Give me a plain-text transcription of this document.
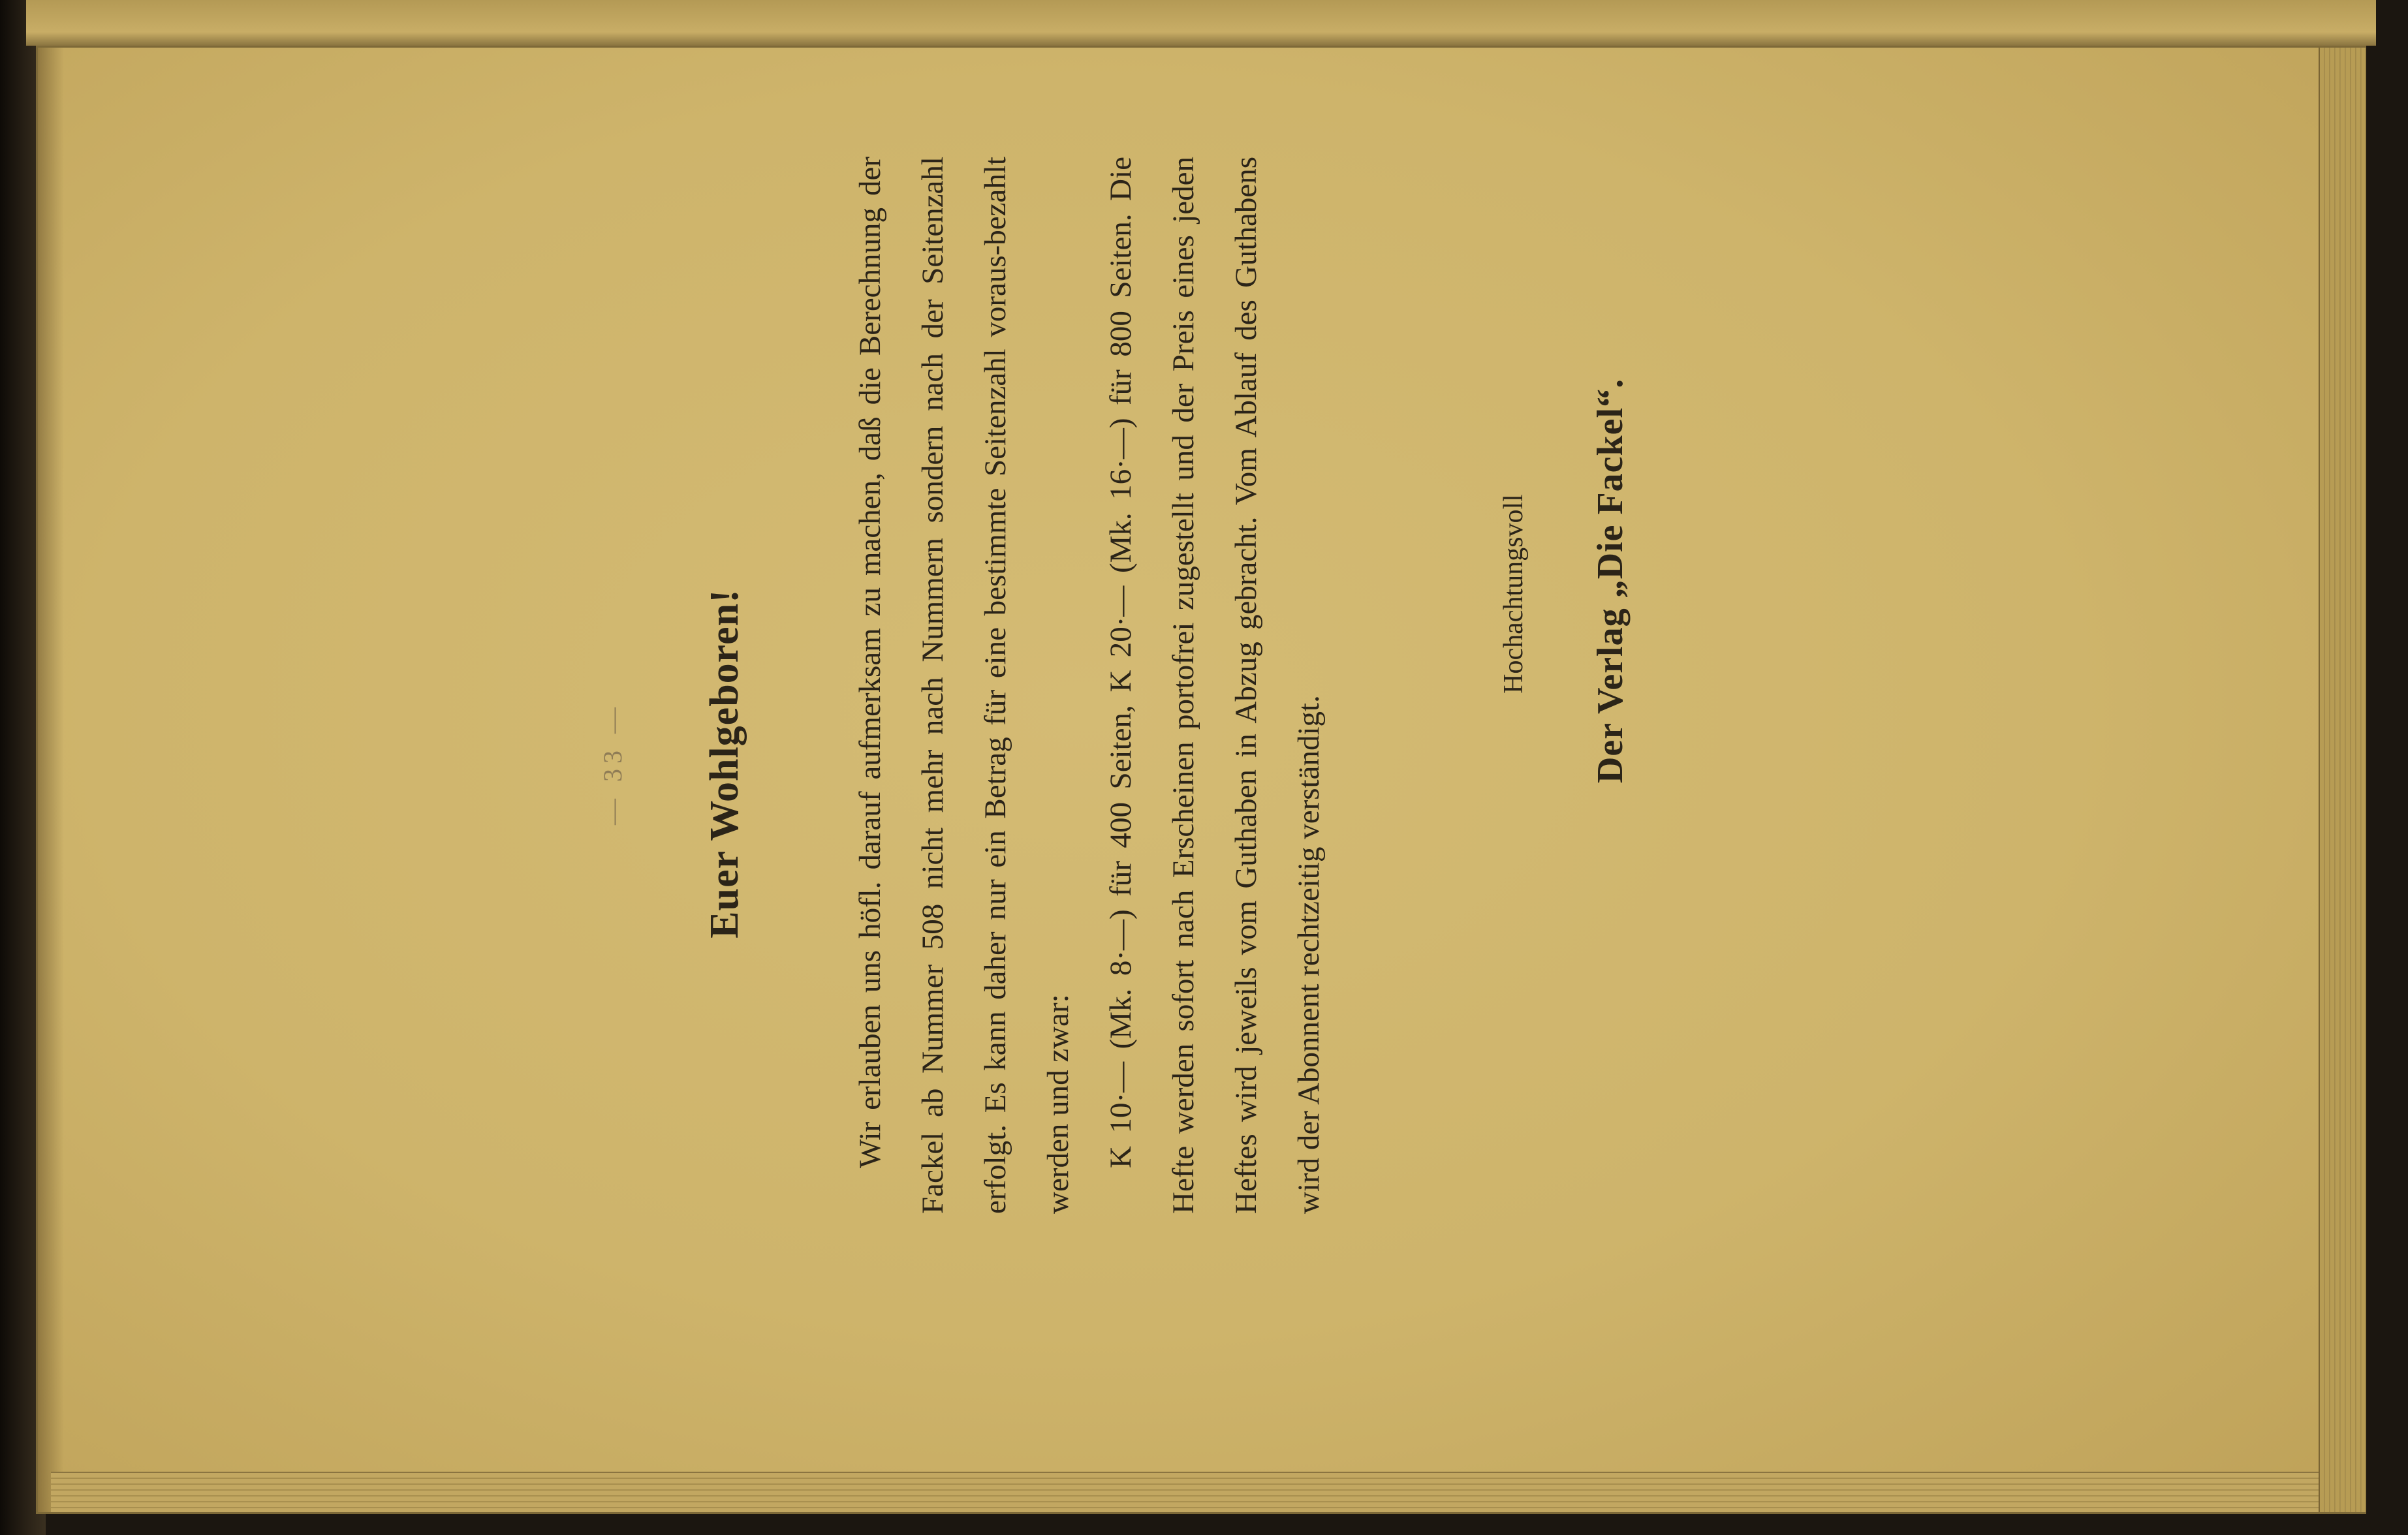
— 33 — Euer Wohlgeboren!	Wir erlauben uns höfl. darauf aufmerksam zu machen, daß die Berechnung der Fackel ab Nummer 508 nicht mehr nach Nummern sondern nach der Seitenzahl erfolgt. Es kann daher nur ein Betrag für eine bestimmte Seitenzahl voraus-bezahlt werden und zwar: K 10·— (Mk. 8·—) für 400 Seiten, K 20·— (Mk. 16·—) für 800 Seiten. Die Hefte werden sofort nach Erscheinen portofrei zugestellt und der Preis eines jeden Heftes wird jeweils vom Guthaben in Abzug gebracht. Vom Ablauf des Guthabens wird der Abonnent rechtzeitig verständigt.

Hochachtungsvoll Der Verlag „Die Fackel“.
